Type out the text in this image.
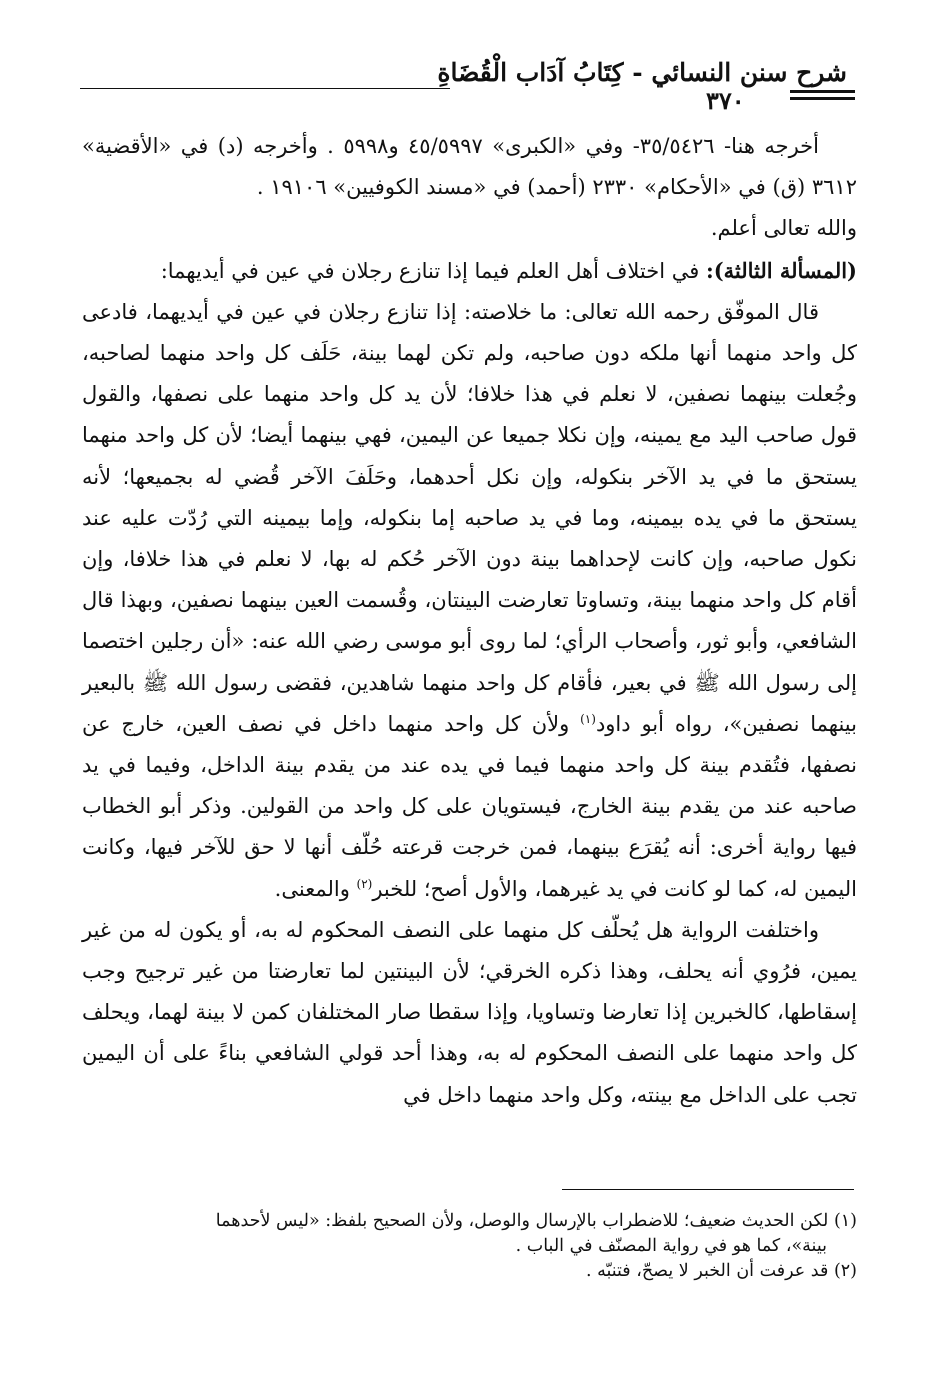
شرح سنن النسائي - كِتَابُ آدَاب الْقُضَاةِ
٣٧٠

أخرجه هنا- ٣٥/٥٤٢٦- وفي «الكبرى» ٤٥/٥٩٩٧ و٥٩٩٨ . وأخرجه (د) في «الأقضية» ٣٦١٢ (ق) في «الأحكام» ٢٣٣٠ (أحمد) في «مسند الكوفيين» ١٩١٠٦ .

والله تعالى أعلم.

(المسألة الثالثة): في اختلاف أهل العلم فيما إذا تنازع رجلان في عين في أيديهما:

قال الموفّق رحمه الله تعالى: ما خلاصته: إذا تنازع رجلان في عين في أيديهما، فادعى كل واحد منهما أنها ملكه دون صاحبه، ولم تكن لهما بينة، حَلَف كل واحد منهما لصاحبه، وجُعلت بينهما نصفين، لا نعلم في هذا خلافا؛ لأن يد كل واحد منهما على نصفها، والقول قول صاحب اليد مع يمينه، وإن نكلا جميعا عن اليمين، فهي بينهما أيضا؛ لأن كل واحد منهما يستحق ما في يد الآخر بنكوله، وإن نكل أحدهما، وحَلَفَ الآخر قُضي له بجميعها؛ لأنه يستحق ما في يده بيمينه، وما في يد صاحبه إما بنكوله، وإما بيمينه التي رُدّت عليه عند نكول صاحبه، وإن كانت لإحداهما بينة دون الآخر حُكم له بها، لا نعلم في هذا خلافا، وإن أقام كل واحد منهما بينة، وتساوتا تعارضت البينتان، وقُسمت العين بينهما نصفين، وبهذا قال الشافعي، وأبو ثور، وأصحاب الرأي؛ لما روى أبو موسى رضي الله عنه: «أن رجلين اختصما إلى رسول الله ﷺ في بعير، فأقام كل واحد منهما شاهدين، فقضى رسول الله ﷺ بالبعير بينهما نصفين»، رواه أبو داود$^{(١)}$ ولأن كل واحد منهما داخل في نصف العين، خارج عن نصفها، فتُقدم بينة كل واحد منهما فيما في يده عند من يقدم بينة الداخل، وفيما في يد صاحبه عند من يقدم بينة الخارج، فيستويان على كل واحد من القولين. وذكر أبو الخطاب فيها رواية أخرى: أنه يُقرَع بينهما، فمن خرجت قرعته حُلّف أنها لا حق للآخر فيها، وكانت اليمين له، كما لو كانت في يد غيرهما، والأول أصح؛ للخبر$^{(٢)}$ والمعنى.

واختلفت الرواية هل يُحلّف كل منهما على النصف المحكوم له به، أو يكون له من غير يمين، فرُوي أنه يحلف، وهذا ذكره الخرقي؛ لأن البينتين لما تعارضتا من غير ترجيح وجب إسقاطها، كالخبرين إذا تعارضا وتساويا، وإذا سقطا صار المختلفان كمن لا بينة لهما، ويحلف كل واحد منهما على النصف المحكوم له به، وهذا أحد قولي الشافعي بناءً على أن اليمين تجب على الداخل مع بينته، وكل واحد منهما داخل في

(١) لكن الحديث ضعيف؛ للاضطراب بالإرسال والوصل، ولأن الصحيح بلفظ: «ليس لأحدهما

بينة»، كما هو في رواية المصنّف في الباب .

(٢) قد عرفت أن الخبر لا يصحّ، فتنبّه .
